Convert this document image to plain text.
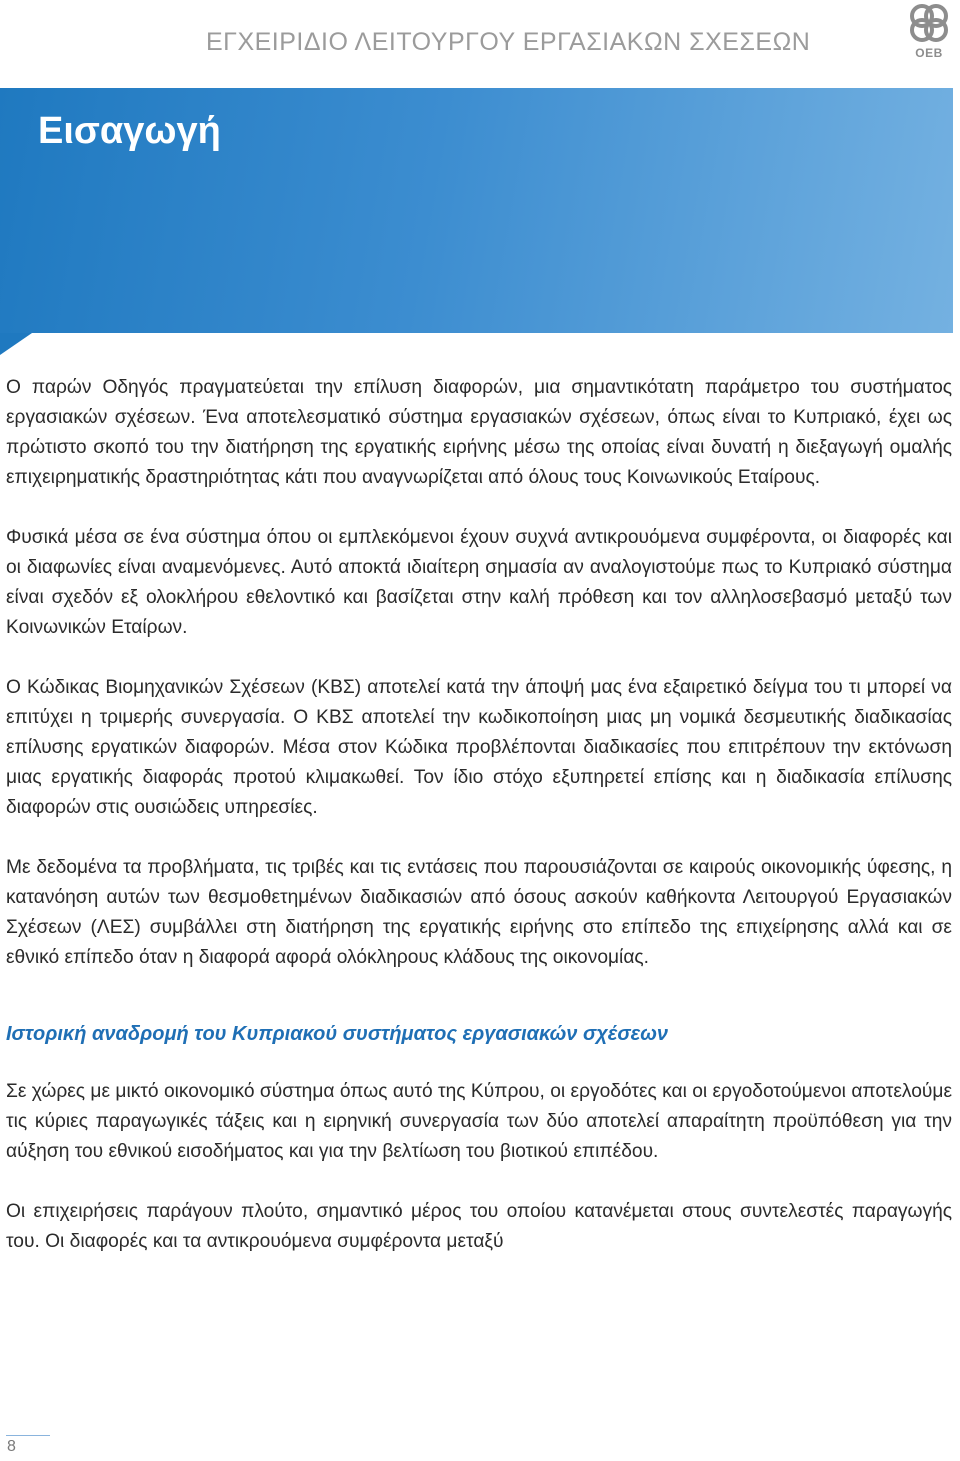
ΕΓΧΕΙΡΙΔΙΟ ΛΕΙΤΟΥΡΓΟΥ ΕΡΓΑΣΙΑΚΩΝ ΣΧΕΣΕΩΝ	OEB
Εισαγωγή

Ο παρών Οδηγός πραγματεύεται την επίλυση διαφορών, μια σημαντικότατη παράμετρο του συστήματος εργασιακών σχέσεων. Ένα αποτελεσματικό σύστημα εργασιακών σχέσεων, όπως είναι το Κυπριακό, έχει ως πρώτιστο σκοπό του την διατήρηση της εργατικής ειρήνης μέσω της οποίας είναι δυνατή η διεξαγωγή ομαλής επιχειρηματικής δραστηριότητας κάτι που αναγνωρίζεται από όλους τους Κοινωνικούς Εταίρους.

Φυσικά μέσα σε ένα σύστημα όπου οι εμπλεκόμενοι έχουν συχνά αντικρουόμενα συμφέροντα, οι διαφορές και οι διαφωνίες είναι αναμενόμενες. Αυτό αποκτά ιδιαίτερη σημασία αν αναλογιστούμε πως το Κυπριακό σύστημα είναι σχεδόν εξ ολοκλήρου εθελοντικό και βασίζεται στην καλή πρόθεση και τον αλληλοσεβασμό μεταξύ των Κοινωνικών Εταίρων.

Ο Κώδικας Βιομηχανικών Σχέσεων (ΚΒΣ) αποτελεί κατά την άποψή μας ένα εξαιρετικό δείγμα του τι μπορεί να επιτύχει η τριμερής συνεργασία. Ο ΚΒΣ αποτελεί την κωδικοποίηση μιας μη νομικά δεσμευτικής διαδικασίας επίλυσης εργατικών διαφορών. Μέσα στον Κώδικα προβλέπονται διαδικασίες που επιτρέπουν την εκτόνωση μιας εργατικής διαφοράς προτού κλιμακωθεί. Τον ίδιο στόχο εξυπηρετεί επίσης και η διαδικασία επίλυσης διαφορών στις ουσιώδεις υπηρεσίες.

Με δεδομένα τα προβλήματα, τις τριβές και τις εντάσεις που παρουσιάζονται σε καιρούς οικονομικής ύφεσης, η κατανόηση αυτών των θεσμοθετημένων διαδικασιών από όσους ασκούν καθήκοντα Λειτουργού Εργασιακών Σχέσεων (ΛΕΣ) συμβάλλει στη διατήρηση της εργατικής ειρήνης στο επίπεδο της επιχείρησης αλλά και σε εθνικό επίπεδο όταν η διαφορά αφορά ολόκληρους κλάδους της οικονομίας.

Ιστορική αναδρομή του Κυπριακού συστήματος εργασιακών σχέσεων

Σε χώρες με μικτό οικονομικό σύστημα όπως αυτό της Κύπρου, οι εργοδότες και οι εργοδοτούμενοι αποτελούμε τις κύριες παραγωγικές τάξεις και η ειρηνική συνεργασία των δύο αποτελεί απαραίτητη προϋπόθεση για την αύξηση του εθνικού εισοδήματος και για την βελτίωση του βιοτικού επιπέδου.

Οι επιχειρήσεις παράγουν πλούτο, σημαντικό μέρος του οποίου κατανέμεται στους συντελεστές παραγωγής του. Οι διαφορές και τα αντικρουόμενα συμφέροντα μεταξύ

8
